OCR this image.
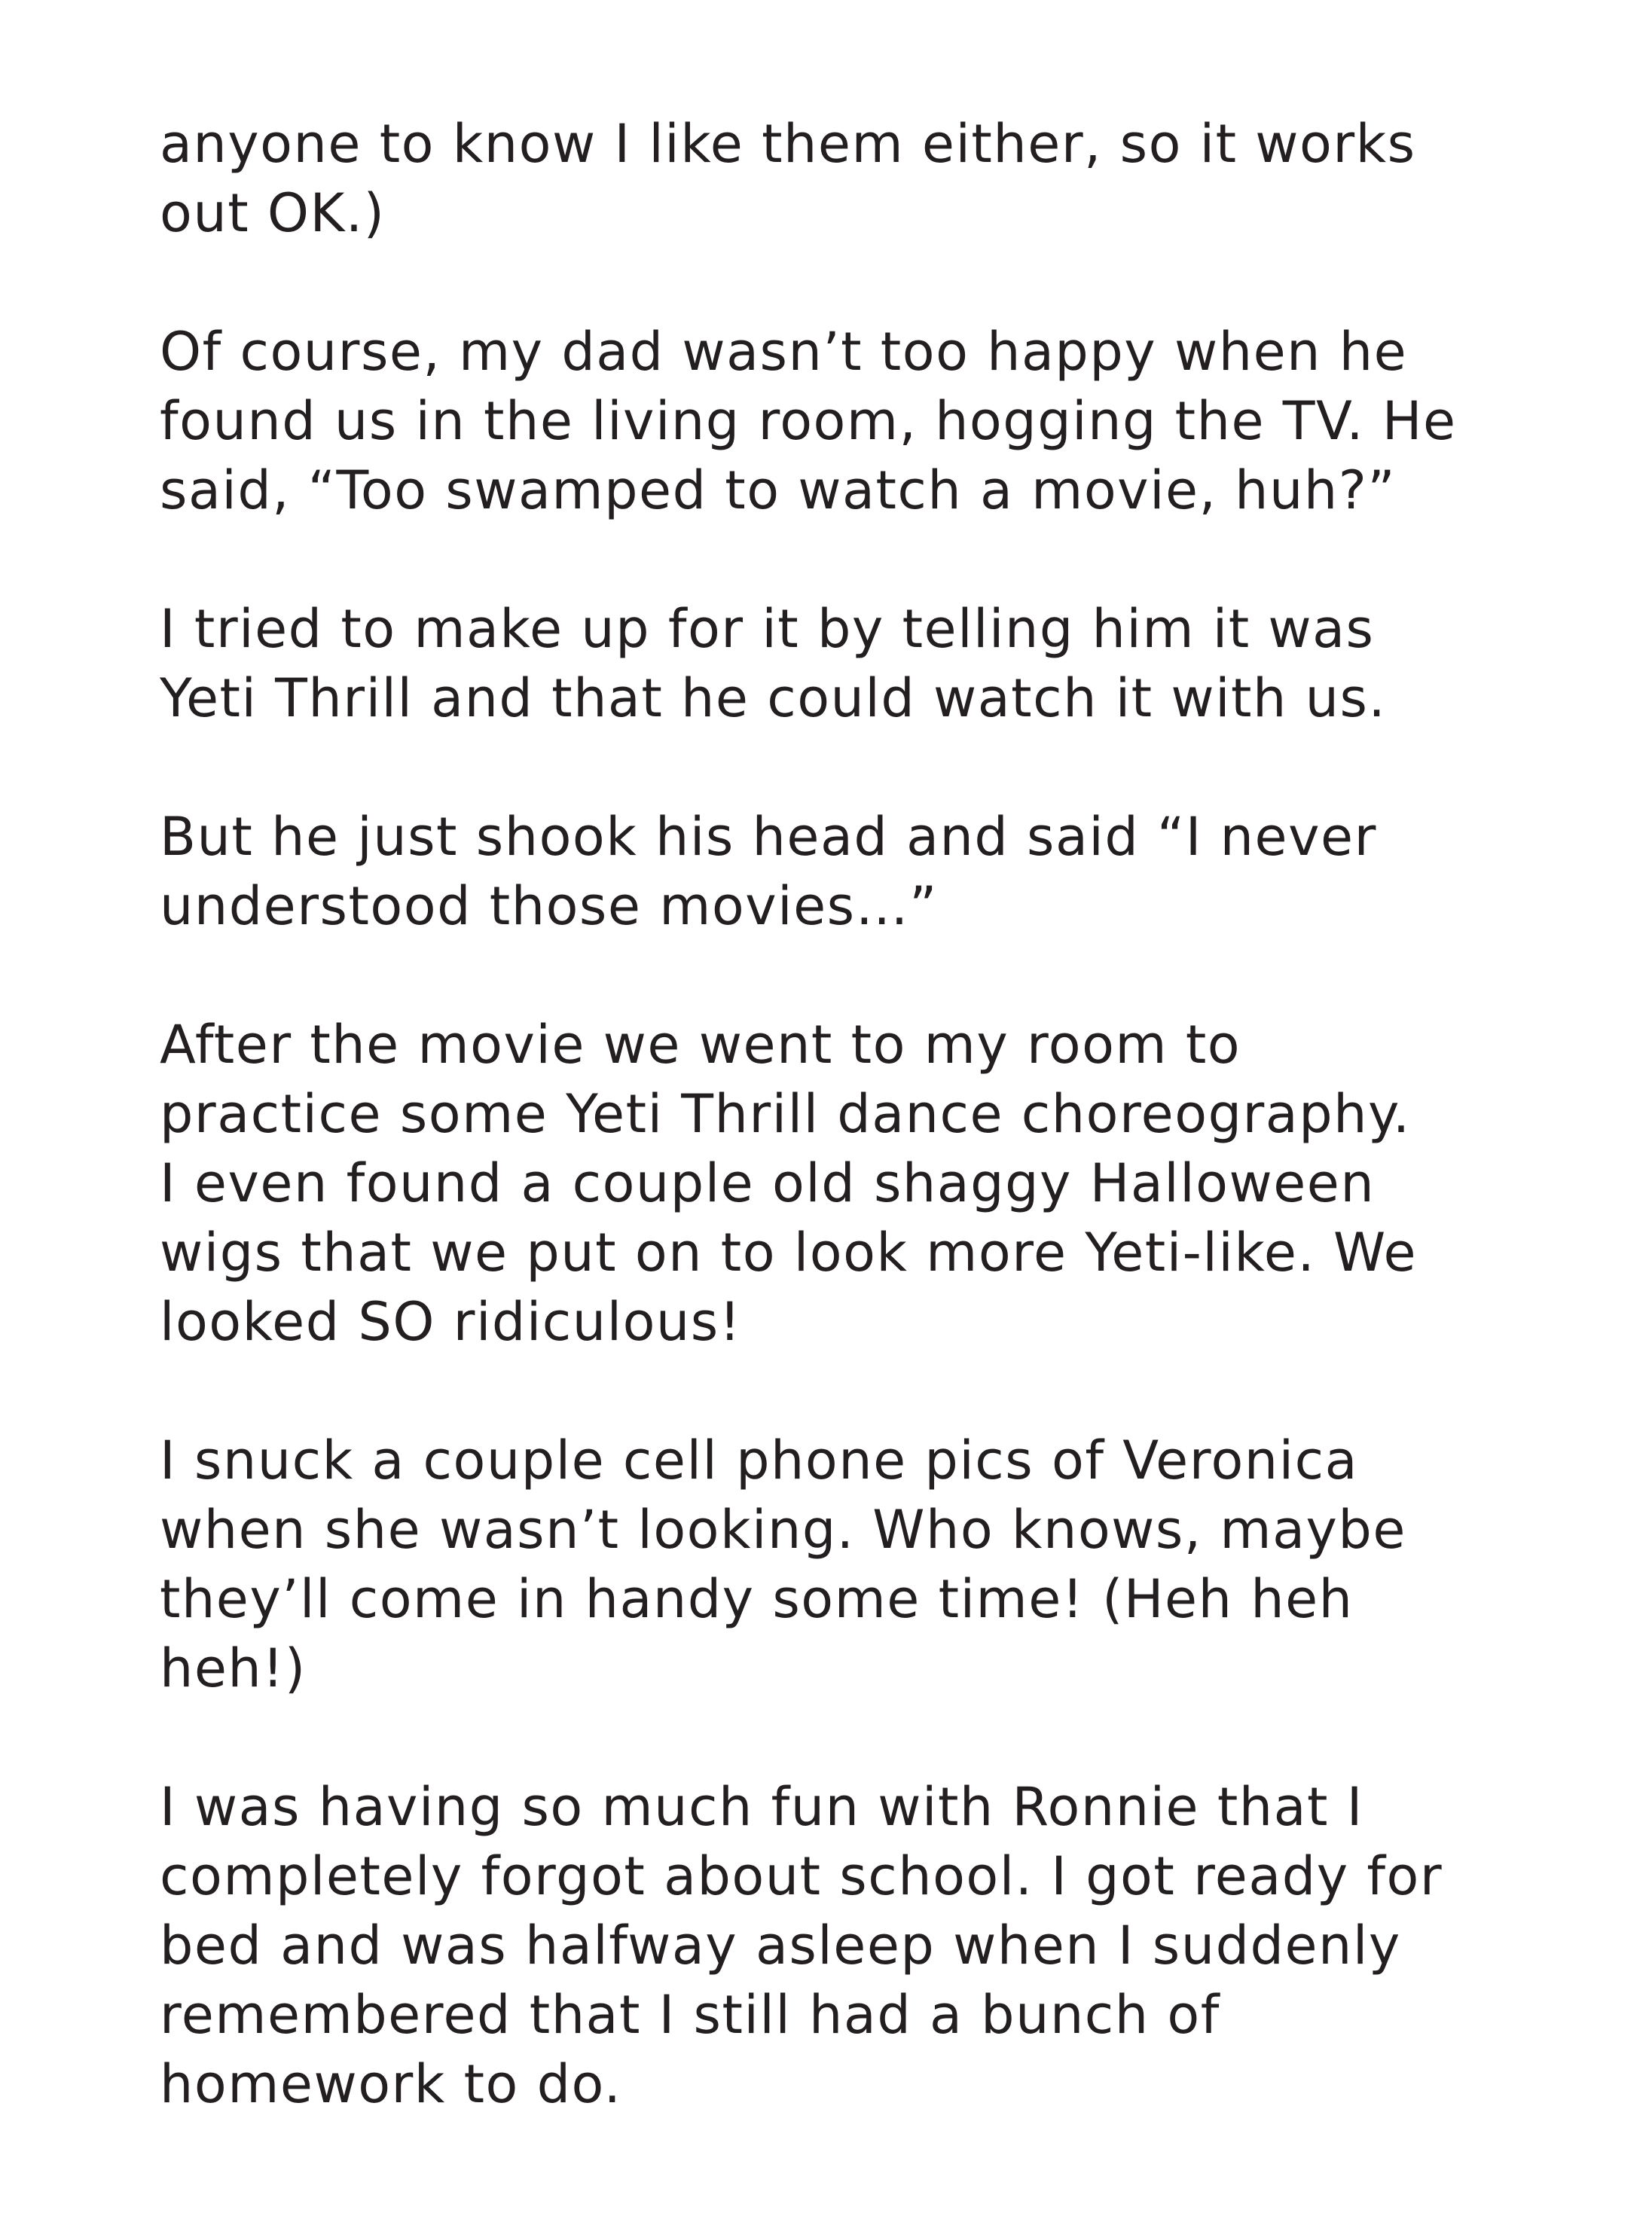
anyone to know I like them either, so it works
out OK.)
Of course, my dad wasn’t too happy when he
found us in the living room, hogging the TV. He
said, “Too swamped to watch a movie, huh?”
I tried to make up for it by telling him it was
Yeti Thrill and that he could watch it with us.
But he just shook his head and said “I never
understood those movies…”
After the movie we went to my room to
practice some Yeti Thrill dance choreography.
I even found a couple old shaggy Halloween
wigs that we put on to look more Yeti-like. We
looked SO ridiculous!
I snuck a couple cell phone pics of Veronica
when she wasn’t looking. Who knows, maybe
they’ll come in handy some time! (Heh heh
heh!)
I was having so much fun with Ronnie that I
completely forgot about school. I got ready for
bed and was halfway asleep when I suddenly
remembered that I still had a bunch of
homework to do.
